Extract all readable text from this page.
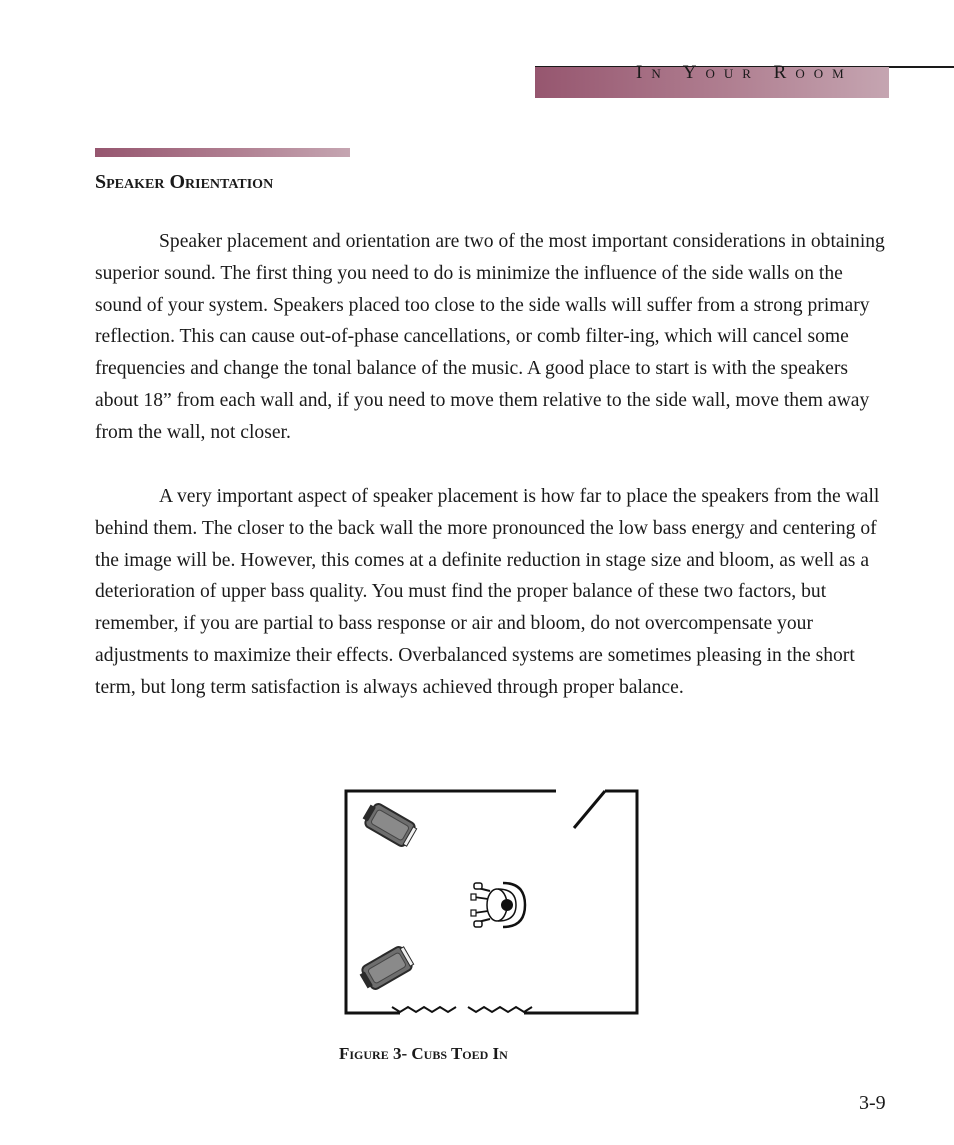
In Your Room
Speaker Orientation

Speaker placement and orientation are two of the most important considerations in obtaining superior sound. The first thing you need to do is minimize the influence of the side walls on the sound of your system. Speakers placed too close to the side walls will suffer from a strong primary reflection. This can cause out-of-phase cancellations, or comb filter-ing, which will cancel some frequencies and change the tonal balance of the music. A good place to start is with the speakers about 18” from each wall and, if you need to move them relative to the side wall, move them away from the wall, not closer.

A very important aspect of speaker placement is how far to place the speakers from the wall behind them. The closer to the back wall the more pronounced the low bass energy and centering of the image will be. However, this comes at a definite reduction in stage size and bloom, as well as a deterioration of upper bass quality. You must find the proper balance of these two factors, but remember, if you are partial to bass response or air and bloom, do not overcompensate your adjustments to maximize their effects. Overbalanced systems are sometimes pleasing in the short term, but long term satisfaction is always achieved through proper balance.

Figure 3- Cubs Toed In

3-9
